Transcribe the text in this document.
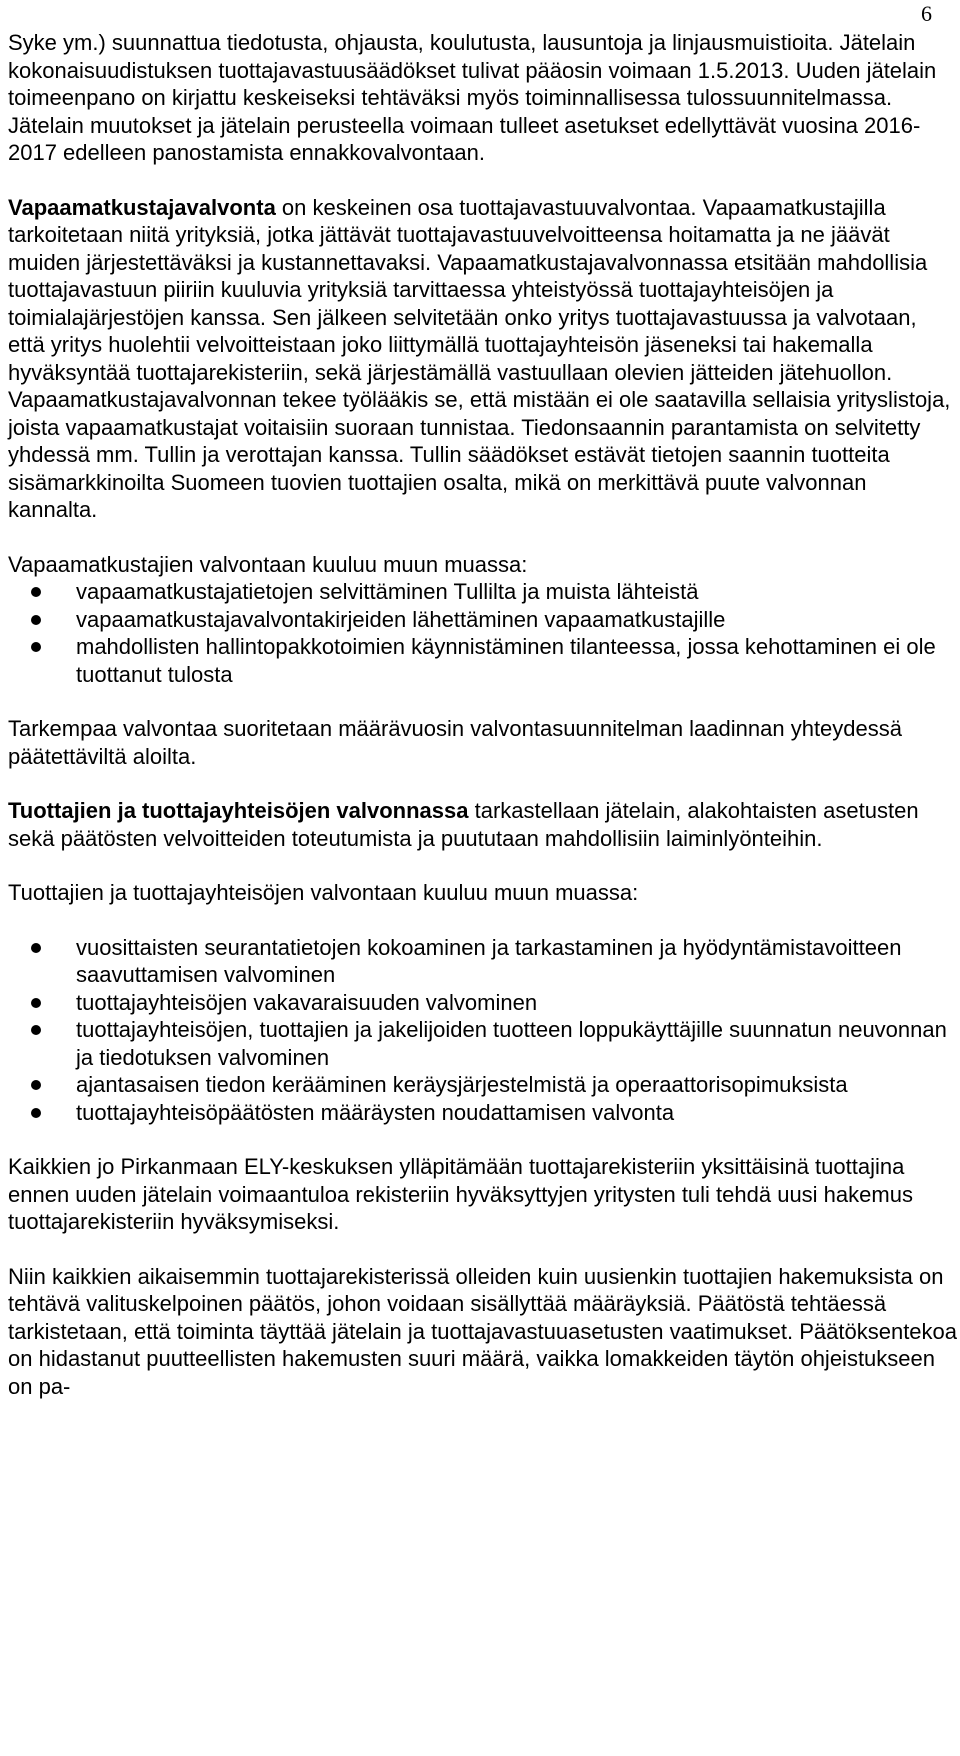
6

Syke ym.) suunnattua tiedotusta, ohjausta, koulutusta, lausuntoja ja linjausmuistioita. Jätelain kokonaisuudistuksen tuottajavastuusäädökset tulivat pääosin voimaan 1.5.2013. Uuden jätelain toimeenpano on kirjattu keskeiseksi tehtäväksi myös toiminnallisessa tulossuunnitelmassa. Jätelain muutokset ja jätelain perusteella voimaan tulleet asetukset edellyttävät vuosina 2016-2017 edelleen panostamista ennakkovalvontaan.

Vapaamatkustajavalvonta on keskeinen osa tuottajavastuuvalvontaa. Vapaamatkustajilla tarkoitetaan niitä yrityksiä, jotka jättävät tuottajavastuuvelvoitteensa hoitamatta ja ne jäävät muiden järjestettäväksi ja kustannettavaksi. Vapaamatkustajavalvonnassa etsitään mahdollisia tuottajavastuun piiriin kuuluvia yrityksiä tarvittaessa yhteistyössä tuottajayhteisöjen ja toimialajärjestöjen kanssa. Sen jälkeen selvitetään onko yritys tuottajavastuussa ja valvotaan, että yritys huolehtii velvoitteistaan joko liittymällä tuottajayhteisön jäseneksi tai hakemalla hyväksyntää tuottajarekisteriin, sekä järjestämällä vastuullaan olevien jätteiden jätehuollon. Vapaamatkustajavalvonnan tekee työlääkis se, että mistään ei ole saatavilla sellaisia yrityslistoja, joista vapaamatkustajat voitaisiin suoraan tunnistaa. Tiedonsaannin parantamista on selvitetty yhdessä mm. Tullin ja verottajan kanssa. Tullin säädökset estävät tietojen saannin tuotteita sisämarkkinoilta Suomeen tuovien tuottajien osalta, mikä on merkittävä puute valvonnan kannalta.

Vapaamatkustajien valvontaan kuuluu muun muassa:

vapaamatkustajatietojen selvittäminen Tullilta ja muista lähteistä
vapaamatkustajavalvontakirjeiden lähettäminen vapaamatkustajille
mahdollisten hallintopakkotoimien käynnistäminen tilanteessa, jossa kehottaminen ei ole tuottanut tulosta

Tarkempaa valvontaa suoritetaan määrävuosin valvontasuunnitelman laadinnan yhteydessä päätettäviltä aloilta.

Tuottajien ja tuottajayhteisöjen valvonnassa tarkastellaan jätelain, alakohtaisten asetusten sekä päätösten velvoitteiden toteutumista ja puututaan mahdollisiin laiminlyönteihin.

Tuottajien ja tuottajayhteisöjen valvontaan kuuluu muun muassa:

vuosittaisten seurantatietojen kokoaminen ja tarkastaminen ja hyödyntämistavoitteen saavuttamisen valvominen
tuottajayhteisöjen vakavaraisuuden valvominen
tuottajayhteisöjen, tuottajien ja jakelijoiden tuotteen loppukäyttäjille suunnatun neuvonnan ja tiedotuksen valvominen
ajantasaisen tiedon kerääminen keräysjärjestelmistä ja operaattorisopimuksista
tuottajayhteisöpäätösten määräysten noudattamisen valvonta

Kaikkien jo Pirkanmaan ELY-keskuksen ylläpitämään tuottajarekisteriin yksittäisinä tuottajina ennen uuden jätelain voimaantuloa rekisteriin hyväksyttyjen yritysten tuli tehdä uusi hakemus tuottajarekisteriin hyväksymiseksi.

Niin kaikkien aikaisemmin tuottajarekisterissä olleiden kuin uusienkin tuottajien hakemuksista on tehtävä valituskelpoinen päätös, johon voidaan sisällyttää määräyksiä. Päätöstä tehtäessä tarkistetaan, että toiminta täyttää jätelain ja tuottajavastuuasetusten vaatimukset. Päätöksentekoa on hidastanut puutteellisten hakemusten suuri määrä, vaikka lomakkeiden täytön ohjeistukseen on pa-
